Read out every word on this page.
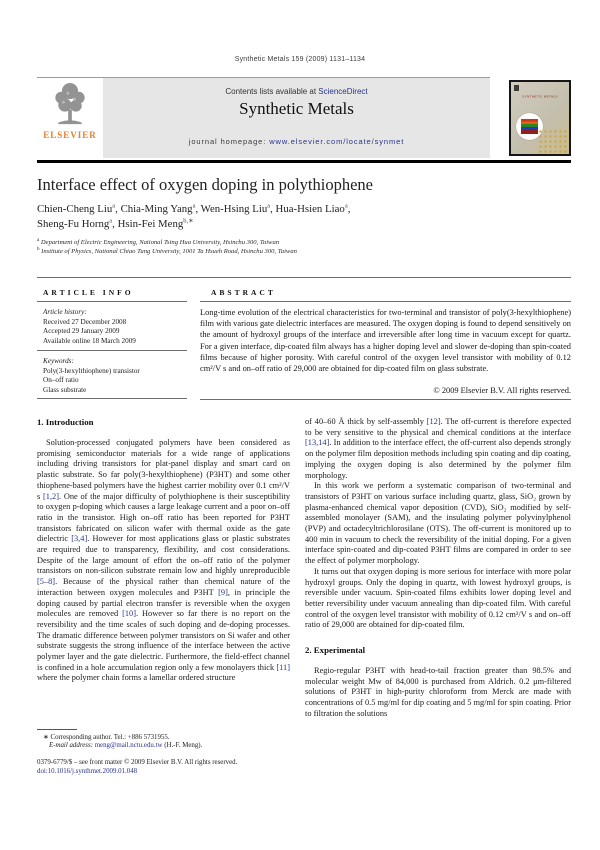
Synthetic Metals 159 (2009) 1131–1134
ELSEVIER
Contents lists available at ScienceDirect
Synthetic Metals
journal homepage: www.elsevier.com/locate/synmet
SYNTHETIC METALS
Interface effect of oxygen doping in polythiophene
Chien-Cheng Liu$^a$, Chia-Ming Yang$^a$, Wen-Hsing Liu$^a$, Hua-Hsien Liao$^a$,
Sheng-Fu Horng$^a$, Hsin-Fei Meng$^{b,∗}$
$^a$ Department of Electric Engineering, National Tsing Hua University, Hsinchu 300, Taiwan
$^b$ Institute of Physics, National Chiao Tung University, 1001 Ta Hsueh Road, Hsinchu 300, Taiwan
ARTICLE INFO	ABSTRACT
Article history:
Received 27 December 2008
Accepted 29 January 2009
Available online 18 March 2009
Keywords:
Poly(3-hexylthiophene) transistor
On–off ratio
Glass substrate
Long-time evolution of the electrical characteristics for two-terminal and transistor of poly(3-hexylthiophene) film with various gate dielectric interfaces are measured. The oxygen doping is found to depend sensitively on the amount of hydroxyl groups of the interface and irreversible after long time in vacuum except for quartz. For a given interface, dip-coated film always has a higher doping level and slower de-doping than spin-coated films because of higher porosity. With careful control of the oxygen level transistor with mobility of 0.12 cm²/V s and on–off ratio of 29,000 are obtained for dip-coated film on glass substrate.
© 2009 Elsevier B.V. All rights reserved.
1. Introduction

Solution-processed conjugated polymers have been considered as promising semiconductor materials for a wide range of applications including driving transistors for plat-panel display and smart card on plastic substrate. So far poly(3-hexylthiophene) (P3HT) and some other thiophene-based polymers have the highest carrier mobility over 0.1 cm²/V s [1,2]. One of the major difficulty of polythiophene is their susceptibility to oxygen p-doping which causes a large leakage current and a poor on–off ratio in the transistor. High on–off ratio has been reported for P3HT transistors fabricated on silicon wafer with thermal oxide as the gate dielectric [3,4]. However for most applications glass or plastic substrates are required due to transparency, flexibility, and cost considerations. Despite of the large amount of effort the on–off ratio of the polymer transistors on non-silicon substrate remain low and highly unreproducible [5–8]. Because of the physical rather than chemical nature of the interaction between oxygen molecules and P3HT [9], in principle the doping caused by partial electron transfer is reversible when the oxygen molecules are removed [10]. However so far there is no report on the reversibility and the time scales of such doping and de-doping processes. The dramatic difference between polymer transistors on Si wafer and other substrate suggests the strong influence of the interface between the active polymer layer and the gate dielectric. Furthermore, the field-effect channel is confined in a hole accumulation region only a few monolayers thick [11] where the polymer chain forms a lamellar ordered structure

of 40–60 Å thick by self-assembly [12]. The off-current is therefore expected to be very sensitive to the physical and chemical conditions at the interface [13,14]. In addition to the interface effect, the off-current also depends strongly on the polymer film deposition methods including spin coating and dip coating, implying the oxygen doping is also determined by the polymer film morphology.

In this work we perform a systematic comparison of two-terminal and transistors of P3HT on various surface including quartz, glass, SiO₂ grown by plasma-enhanced chemical vapor deposition (CVD), SiO₂ modified by self-assembled monolayer (SAM), and the insulating polymer polyvinylphenol (PVP) and octadecyltrichlorosilane (OTS). The off-current is monitored up to 400 min in vacuum to check the reversibility of the initial doping. For a given interface spin-coated and dip-coated P3HT films are compared in order to see the effect of polymer morphology.

It turns out that oxygen doping is more serious for interface with more polar hydroxyl groups. Only the doping in quartz, with lowest hydroxyl groups, is reversible under vacuum. Spin-coated films exhibits lower doping level and better reversibility under vacuum annealing than dip-coated film. With careful control of the oxygen level transistor with mobility of 0.12 cm²/V s and on–off ratio of 29,000 are obtained for dip-coated film.

2. Experimental

Regio-regular P3HT with head-to-tail fraction greater than 98.5% and molecular weight Mw of 84,000 is purchased from Aldrich. 0.2 μm-filtered solutions of P3HT in high-purity chloroform from Merck are made with concentrations of 0.5 mg/ml for dip coating and 5 mg/ml for spin coating. Prior to filtration the solutions

∗ Corresponding author. Tel.: +886 5731955.
E-mail address: meng@mail.nctu.edu.tw (H.-F. Meng).
0379-6779/$ – see front matter © 2009 Elsevier B.V. All rights reserved.
doi:10.1016/j.synthmet.2009.01.048
